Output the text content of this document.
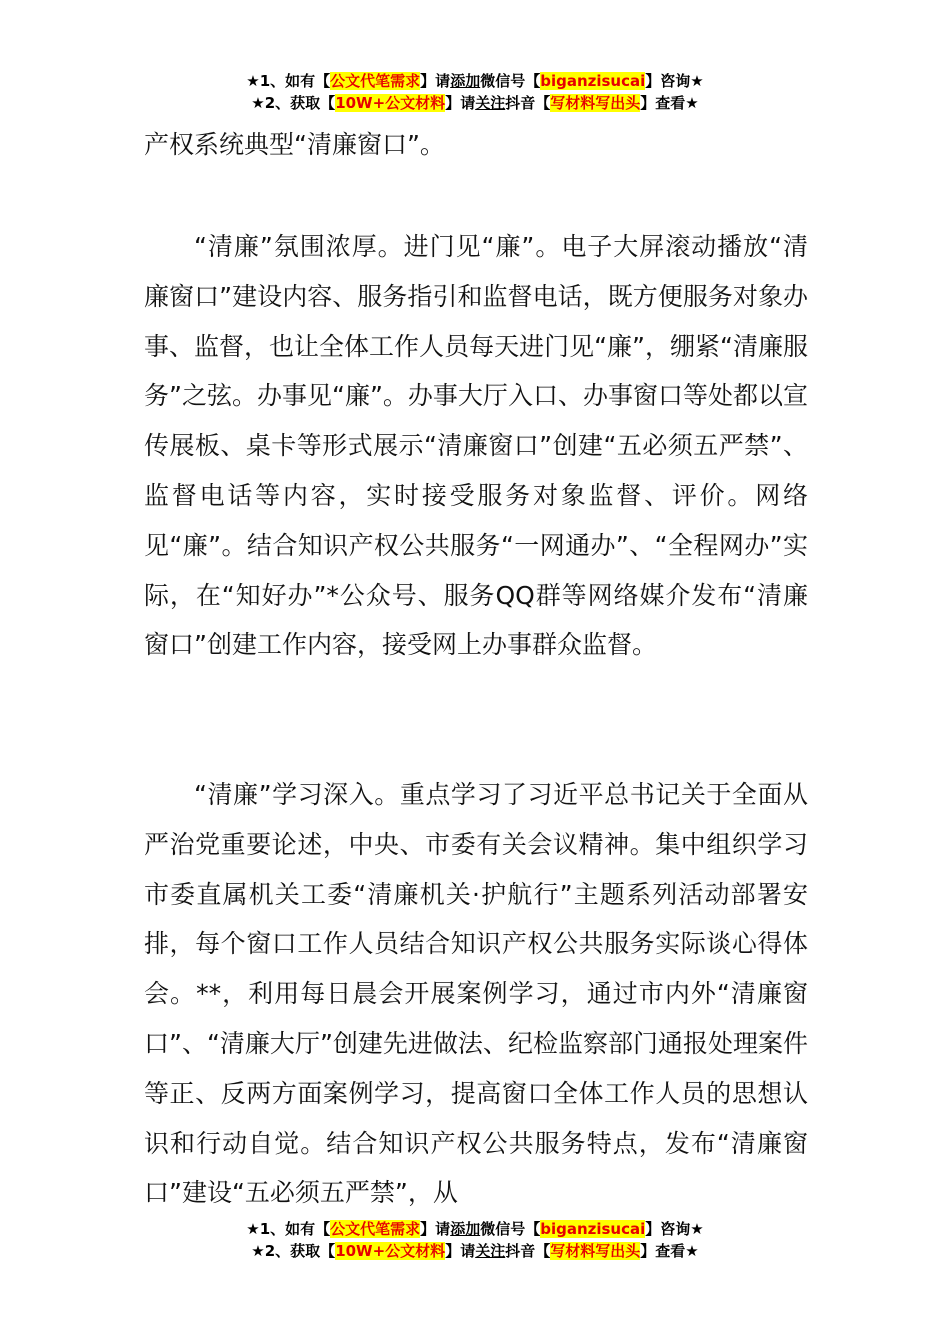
★1、如有【公文代笔需求】请添加微信号【biganzisucai】咨询★
★2、获取【10W+公文材料】请关注抖音【写材料写出头】查看★

产权系统典型“清廉窗口”。

“清廉”氛围浓厚。进门见“廉”。电子大屏滚动播放“清廉窗口”建设内容、服务指引和监督电话，既方便服务对象办事、监督，也让全体工作人员每天进门见“廉”，绷紧“清廉服务”之弦。办事见“廉”。办事大厅入口、办事窗口等处都以宣传展板、桌卡等形式展示“清廉窗口”创建“五必须五严禁”、监督电话等内容，实时接受服务对象监督、评价。网络见“廉”。结合知识产权公共服务“一网通办”、“全程网办”实际，在“知好办”*公众号、服务QQ群等网络媒介发布“清廉窗口”创建工作内容，接受网上办事群众监督。

“清廉”学习深入。重点学习了习近平总书记关于全面从严治党重要论述，中央、市委有关会议精神。集中组织学习市委直属机关工委“清廉机关·护航行”主题系列活动部署安排，每个窗口工作人员结合知识产权公共服务实际谈心得体会。**，利用每日晨会开展案例学习，通过市内外“清廉窗口”、“清廉大厅”创建先进做法、纪检监察部门通报处理案件等正、反两方面案例学习，提高窗口全体工作人员的思想认识和行动自觉。结合知识产权公共服务特点，发布“清廉窗口”建设“五必须五严禁”，从

★1、如有【公文代笔需求】请添加微信号【biganzisucai】咨询★
★2、获取【10W+公文材料】请关注抖音【写材料写出头】查看★
